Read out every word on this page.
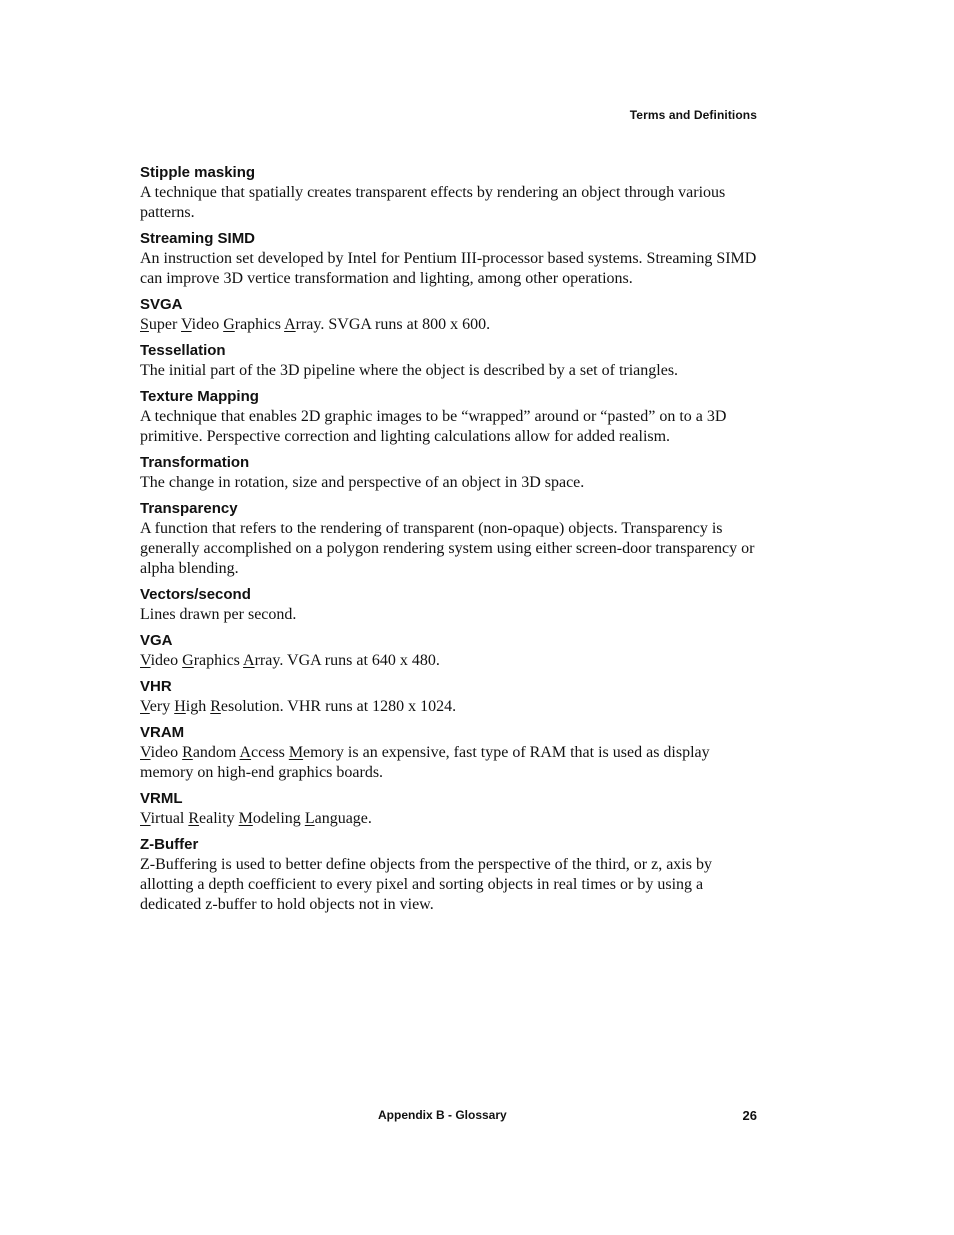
Terms and Definitions
Stipple masking
A technique that spatially creates transparent effects by rendering an object through various patterns.
Streaming SIMD
An instruction set developed by Intel for Pentium III-processor based systems. Streaming SIMD can improve 3D vertice transformation and lighting, among other operations.
SVGA
Super Video Graphics Array. SVGA runs at 800 x 600.
Tessellation
The initial part of the 3D pipeline where the object is described by a set of triangles.
Texture Mapping
A technique that enables 2D graphic images to be “wrapped” around or “pasted” on to a 3D primitive. Perspective correction and lighting calculations allow for added realism.
Transformation
The change in rotation, size and perspective of an object in 3D space.
Transparency
A function that refers to the rendering of transparent (non-opaque) objects. Transparency is generally accomplished on a polygon rendering system using either screen-door transparency or alpha blending.
Vectors/second
Lines drawn per second.
VGA
Video Graphics Array. VGA runs at 640 x 480.
VHR
Very High Resolution. VHR runs at 1280 x 1024.
VRAM
Video Random Access Memory is an expensive, fast type of RAM that is used as display memory on high-end graphics boards.
VRML
Virtual Reality Modeling Language.
Z-Buffer
Z-Buffering is used to better define objects from the perspective of the third, or z, axis by allotting a depth coefficient to every pixel and sorting objects in real times or by using a dedicated z-buffer to hold objects not in view.
Appendix B - Glossary	26
